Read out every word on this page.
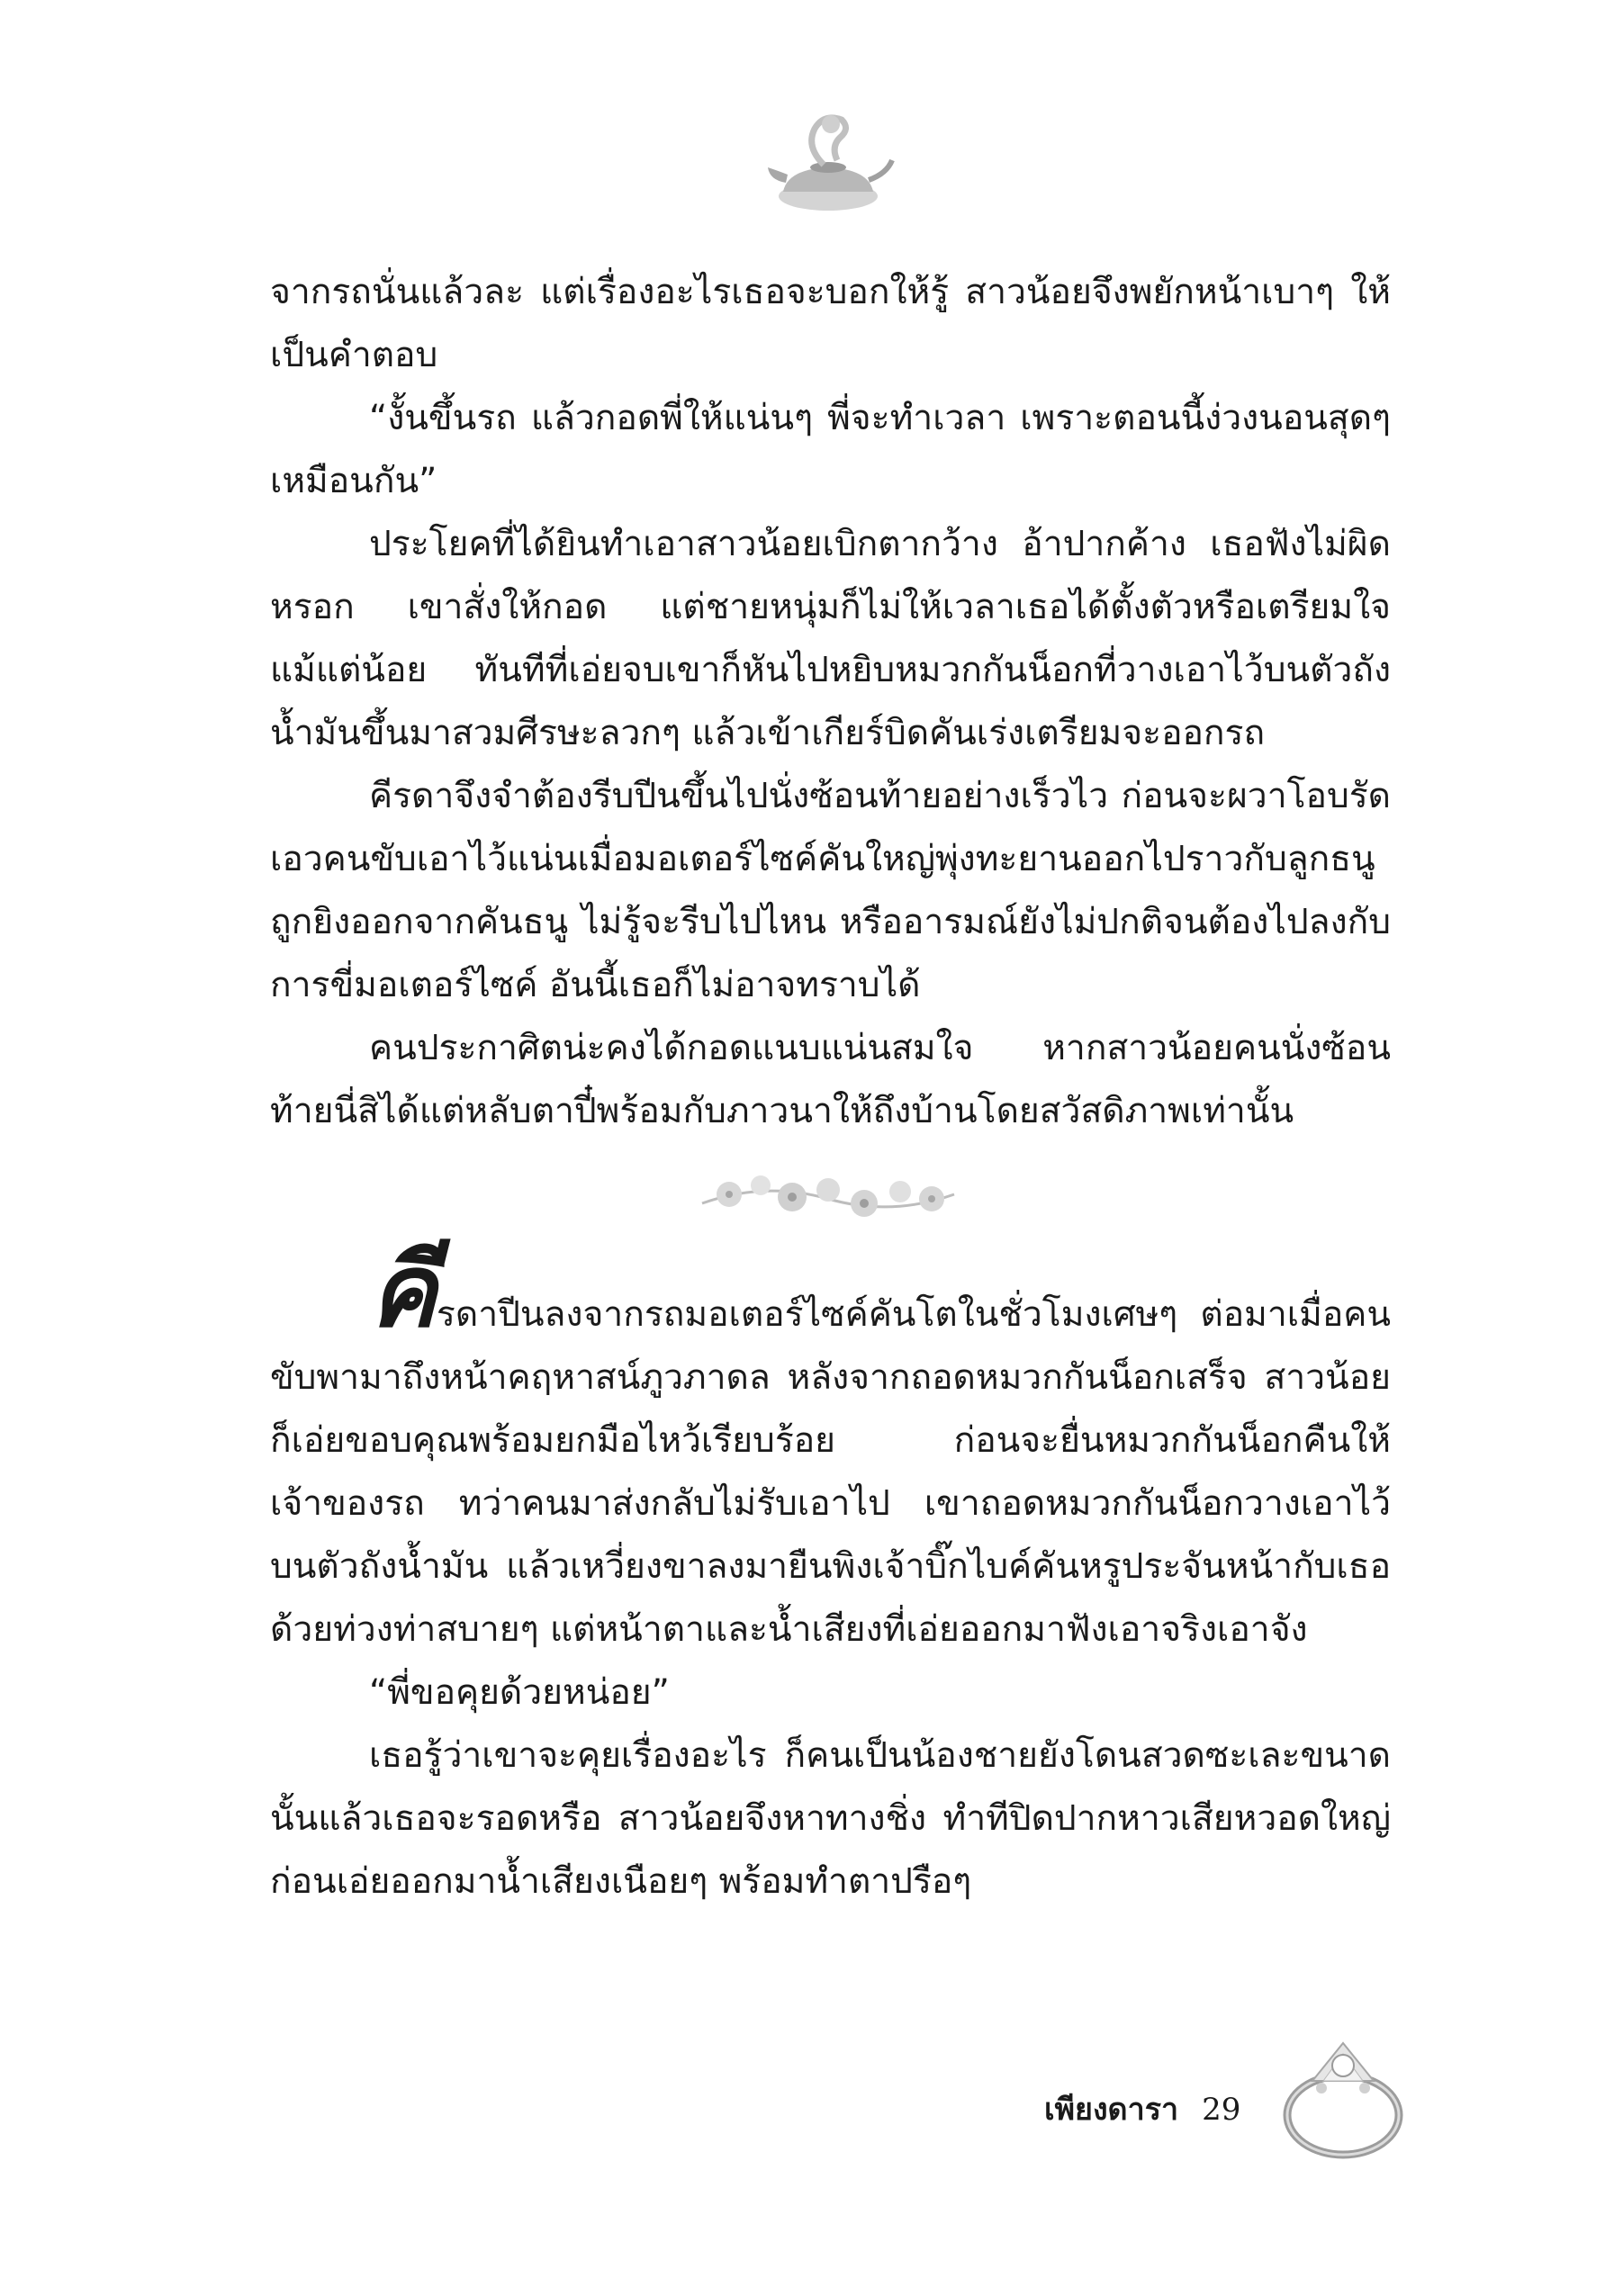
จากรถนั่นแล้วละ แต่เรื่องอะไรเธอจะบอกให้รู้ สาวน้อยจึงพยักหน้าเบาๆ ให้เป็นคำตอบ

“งั้นขึ้นรถ แล้วกอดพี่ให้แน่นๆ พี่จะทำเวลา เพราะตอนนี้ง่วงนอนสุดๆ เหมือนกัน”

ประโยคที่ได้ยินทำเอาสาวน้อยเบิกตากว้าง อ้าปากค้าง เธอฟังไม่ผิดหรอก เขาสั่งให้กอด แต่ชายหนุ่มก็ไม่ให้เวลาเธอได้ตั้งตัวหรือเตรียมใจแม้แต่น้อย ทันทีที่เอ่ยจบเขาก็หันไปหยิบหมวกกันน็อกที่วางเอาไว้บนตัวถังน้ำมันขึ้นมาสวมศีรษะลวกๆ แล้วเข้าเกียร์บิดคันเร่งเตรียมจะออกรถ

คีรดาจึงจำต้องรีบปีนขึ้นไปนั่งซ้อนท้ายอย่างเร็วไว ก่อนจะผวาโอบรัดเอวคนขับเอาไว้แน่นเมื่อมอเตอร์ไซค์คันใหญ่พุ่งทะยานออกไปราวกับลูกธนูถูกยิงออกจากคันธนู ไม่รู้จะรีบไปไหน หรืออารมณ์ยังไม่ปกติจนต้องไปลงกับการขี่มอเตอร์ไซค์ อันนี้เธอก็ไม่อาจทราบได้

คนประกาศิตน่ะคงได้กอดแนบแน่นสมใจ หากสาวน้อยคนนั่งซ้อนท้ายนี่สิได้แต่หลับตาปี๋พร้อมกับภาวนาให้ถึงบ้านโดยสวัสดิภาพเท่านั้น

คีรดาปีนลงจากรถมอเตอร์ไซค์คันโตในชั่วโมงเศษๆ ต่อมาเมื่อคนขับพามาถึงหน้าคฤหาสน์ภูวภาดล หลังจากถอดหมวกกันน็อกเสร็จ สาวน้อยก็เอ่ยขอบคุณพร้อมยกมือไหว้เรียบร้อย ก่อนจะยื่นหมวกกันน็อกคืนให้เจ้าของรถ ทว่าคนมาส่งกลับไม่รับเอาไป เขาถอดหมวกกันน็อกวางเอาไว้บนตัวถังน้ำมัน แล้วเหวี่ยงขาลงมายืนพิงเจ้าบิ๊กไบค์คันหรูประจันหน้ากับเธอด้วยท่วงท่าสบายๆ แต่หน้าตาและน้ำเสียงที่เอ่ยออกมาฟังเอาจริงเอาจัง

“พี่ขอคุยด้วยหน่อย”

เธอรู้ว่าเขาจะคุยเรื่องอะไร ก็คนเป็นน้องชายยังโดนสวดซะเละขนาดนั้นแล้วเธอจะรอดหรือ สาวน้อยจึงหาทางชิ่ง ทำทีปิดปากหาวเสียหวอดใหญ่ ก่อนเอ่ยออกมาน้ำเสียงเนือยๆ พร้อมทำตาปรือๆ

เพียงดารา 29
